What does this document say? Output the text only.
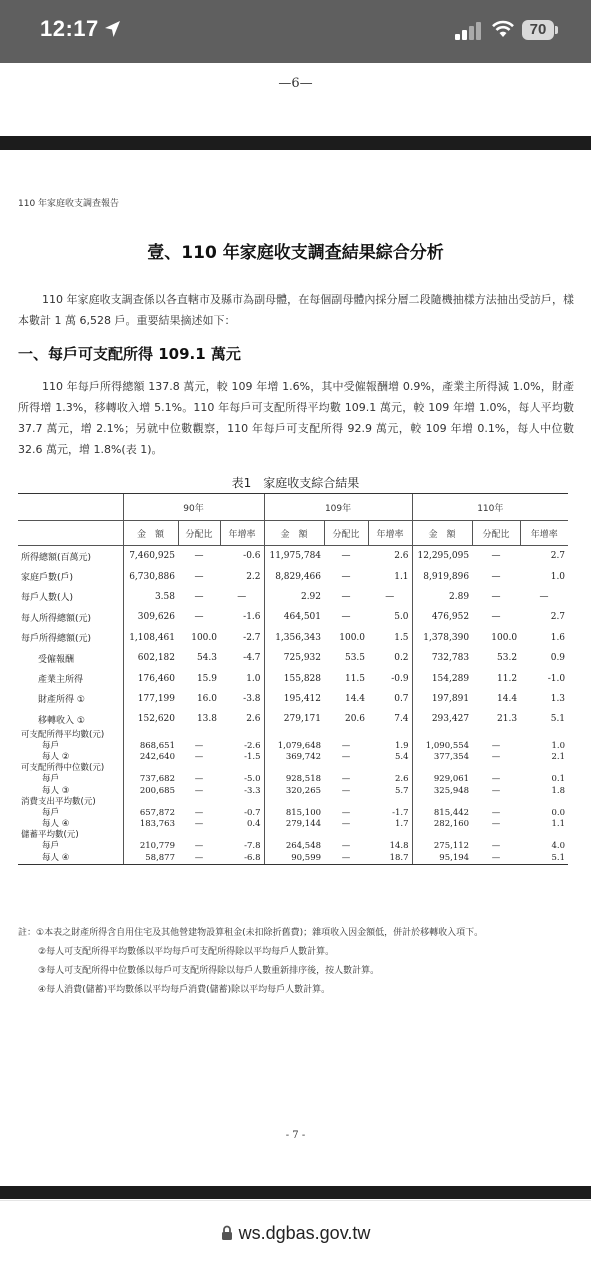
12:17	70
—6—
110 年家庭收支調查報告
壹、110 年家庭收支調查結果綜合分析
110 年家庭收支調查係以各直轄市及縣市為副母體，在每個副母體內採分層二段隨機抽樣方法抽出受訪戶，樣本數計 1 萬 6,528 戶。重要結果摘述如下：
一、每戶可支配所得 109.1 萬元
110 年每戶所得總額 137.8 萬元，較 109 年增 1.6%，其中受僱報酬增 0.9%，產業主所得減 1.0%，財產所得增 1.3%，移轉收入增 5.1%。110 年每戶可支配所得平均數 109.1 萬元，較 109 年增 1.0%，每人平均數 37.7 萬元，增 2.1%；另就中位數觀察，110 年每戶可支配所得 92.9 萬元，較 109 年增 0.1%，每人中位數 32.6 萬元，增 1.8%(表 1)。
表1　家庭收支綜合結果
	90年			109年			110年		
	金　額	分配比	年增率	金　額	分配比	年增率	金　額	分配比	年增率
所得總額(百萬元)	7,460,925	—	-0.6	11,975,784	—	2.6	12,295,095	—	2.7
家庭戶數(戶)	6,730,886	—	2.2	8,829,466	—	1.1	8,919,896	—	1.0
每戶人數(人)	3.58	—	—	2.92	—	—	2.89	—	—
每人所得總額(元)	309,626	—	-1.6	464,501	—	5.0	476,952	—	2.7
每戶所得總額(元)	1,108,461	100.0	-2.7	1,356,343	100.0	1.5	1,378,390	100.0	1.6
受僱報酬	602,182	54.3	-4.7	725,932	53.5	0.2	732,783	53.2	0.9
產業主所得	176,460	15.9	1.0	155,828	11.5	-0.9	154,289	11.2	-1.0
財產所得 ①	177,199	16.0	-3.8	195,412	14.4	0.7	197,891	14.4	1.3
移轉收入 ①	152,620	13.8	2.6	279,171	20.6	7.4	293,427	21.3	5.1
可支配所得平均數(元)									
每戶	868,651	—	-2.6	1,079,648	—	1.9	1,090,554	—	1.0
每人 ②	242,640	—	-1.5	369,742	—	5.4	377,354	—	2.1
可支配所得中位數(元)									
每戶	737,682	—	-5.0	928,518	—	2.6	929,061	—	0.1
每人 ③	200,685	—	-3.3	320,265	—	5.7	325,948	—	1.8
消費支出平均數(元)									
每戶	657,872	—	-0.7	815,100	—	-1.7	815,442	—	0.0
每人 ④	183,763	—	0.4	279,144	—	1.7	282,160	—	1.1
儲蓄平均數(元)									
每戶	210,779	—	-7.8	264,548	—	14.8	275,112	—	4.0
每人 ④	58,877	—	-6.8	90,599	—	18.7	95,194	—	5.1
註：①本表之財產所得含自用住宅及其他營建物設算租金(未扣除折舊費)；雜項收入因金額低，併計於移轉收入項下。
②每人可支配所得平均數係以平均每戶可支配所得除以平均每戶人數計算。
③每人可支配所得中位數係以每戶可支配所得除以每戶人數重新排序後，按人數計算。
④每人消費(儲蓄)平均數係以平均每戶消費(儲蓄)除以平均每戶人數計算。
- 7 -
ws.dgbas.gov.tw
